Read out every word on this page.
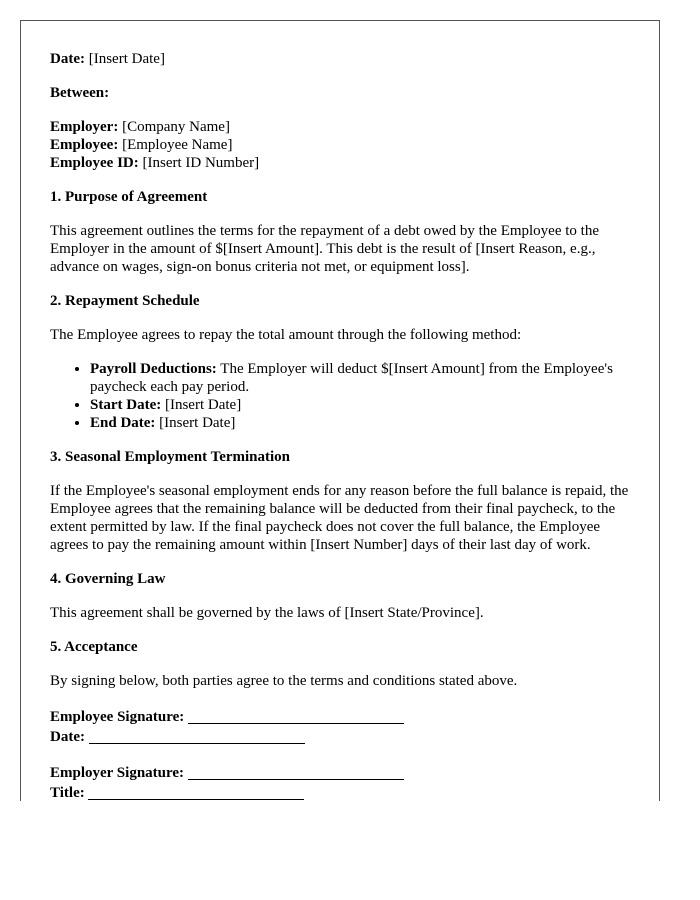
Date: [Insert Date]

Between:

Employer: [Company Name]
Employee: [Employee Name]
Employee ID: [Insert ID Number]
1. Purpose of Agreement

This agreement outlines the terms for the repayment of a debt owed by the Employee to the Employer in the amount of $[Insert Amount]. This debt is the result of [Insert Reason, e.g., advance on wages, sign-on bonus criteria not met, or equipment loss].

2. Repayment Schedule

The Employee agrees to repay the total amount through the following method:

• Payroll Deductions: The Employer will deduct $[Insert Amount] from the Employee's paycheck each pay period.
• Start Date: [Insert Date]
• End Date: [Insert Date]
3. Seasonal Employment Termination

If the Employee's seasonal employment ends for any reason before the full balance is repaid, the Employee agrees that the remaining balance will be deducted from their final paycheck, to the extent permitted by law. If the final paycheck does not cover the full balance, the Employee agrees to pay the remaining amount within [Insert Number] days of their last day of work.

4. Governing Law

This agreement shall be governed by the laws of [Insert State/Province].

5. Acceptance

By signing below, both parties agree to the terms and conditions stated above.

Employee Signature:
Date:
Employer Signature:
Title:
